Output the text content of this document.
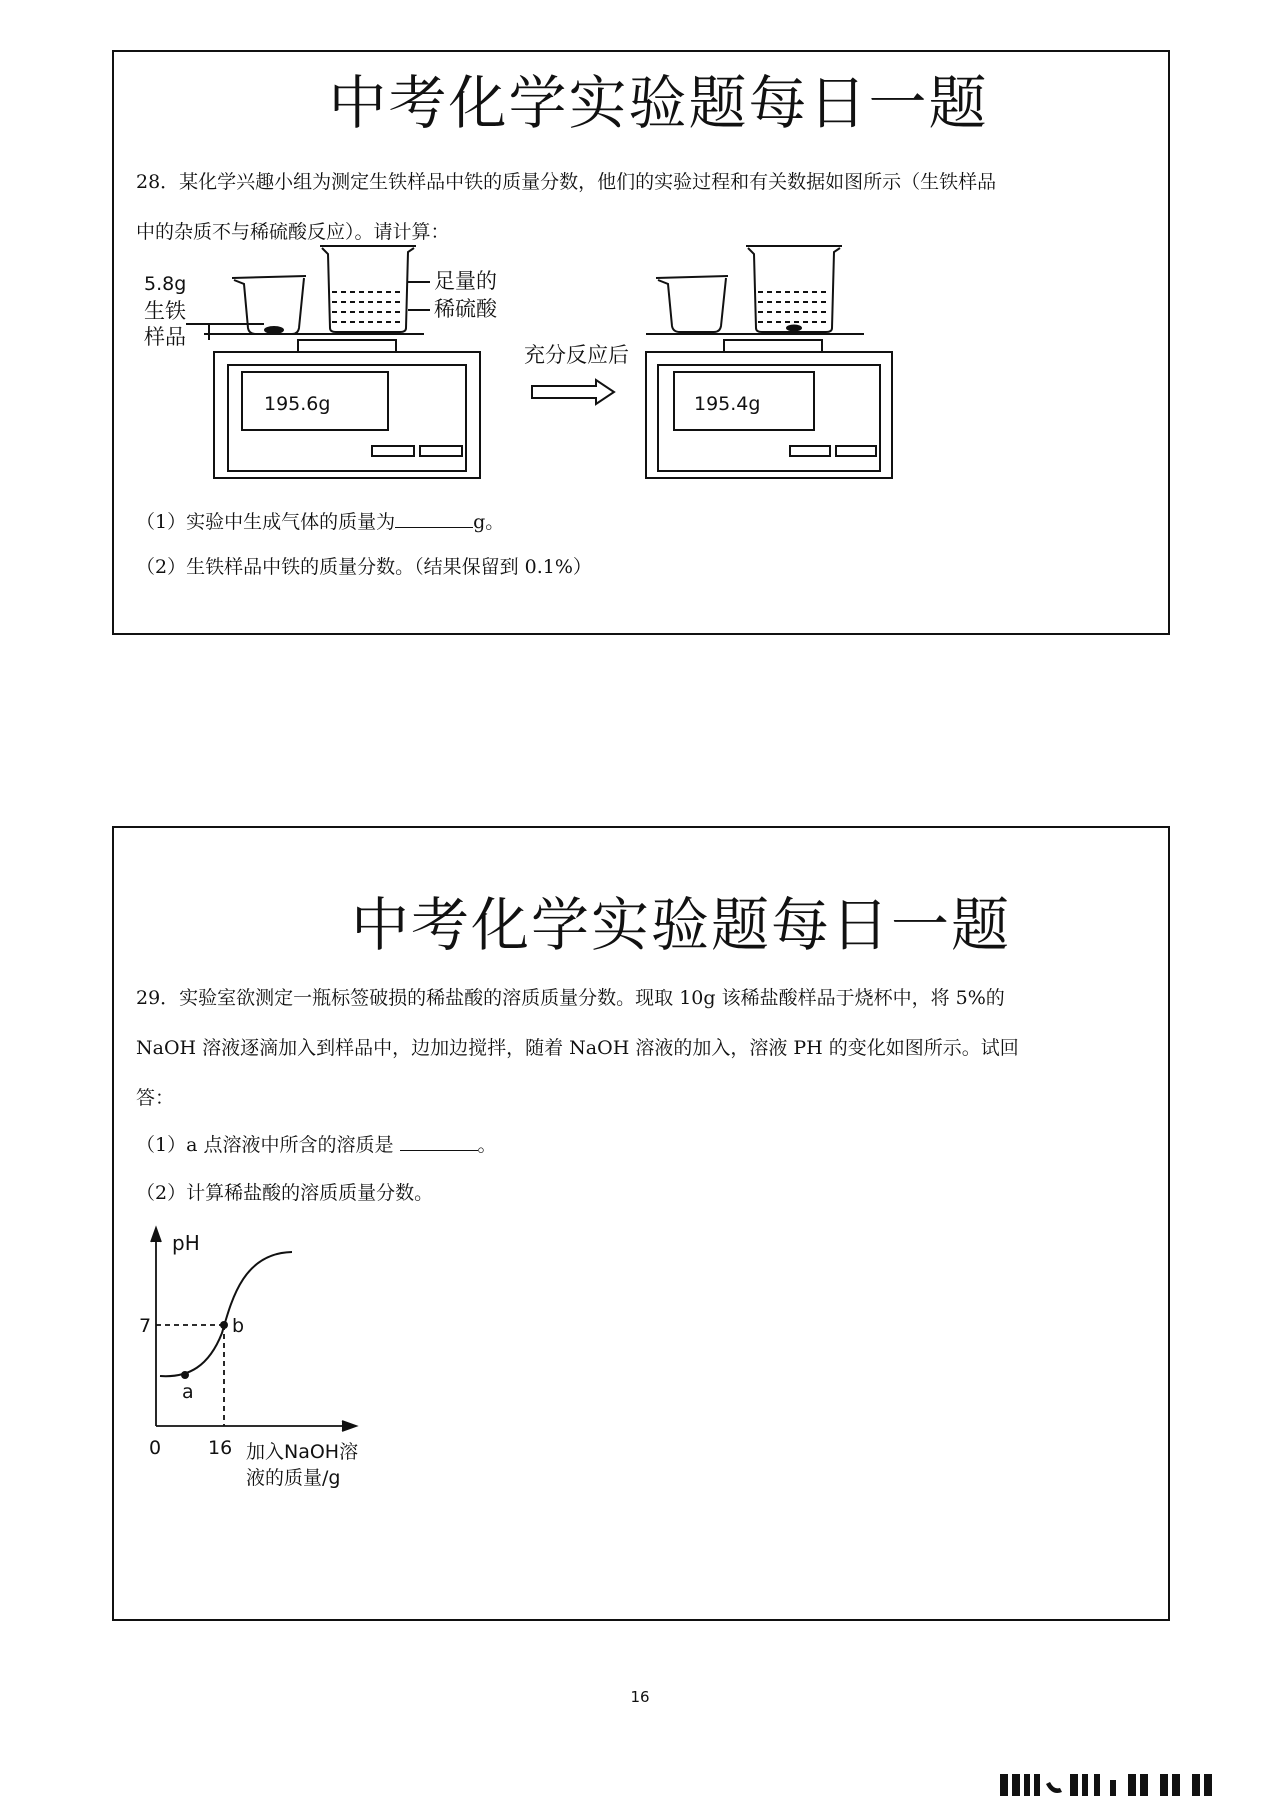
中考化学实验题每日一题
28．某化学兴趣小组为测定生铁样品中铁的质量分数，他们的实验过程和有关数据如图所示（生铁样品
中的杂质不与稀硫酸反应）。请计算：
5.8g
生铁
样品
足量的
稀硫酸
充分反应后
195.6g	195.4g
（1）实验中生成气体的质量为	g。
（2）生铁样品中铁的质量分数。（结果保留到 0.1%）
中考化学实验题每日一题
29．实验室欲测定一瓶标签破损的稀盐酸的溶质质量分数。现取 10g 该稀盐酸样品于烧杯中，将 5%的
NaOH 溶液逐滴加入到样品中，边加边搅拌，随着 NaOH 溶液的加入，溶液 PH 的变化如图所示。试回
答：
（1）a 点溶液中所含的溶质是	。
（2）计算稀盐酸的溶质质量分数。
pH
7
0 16
a
b
加入NaOH溶
液的质量/g
16
